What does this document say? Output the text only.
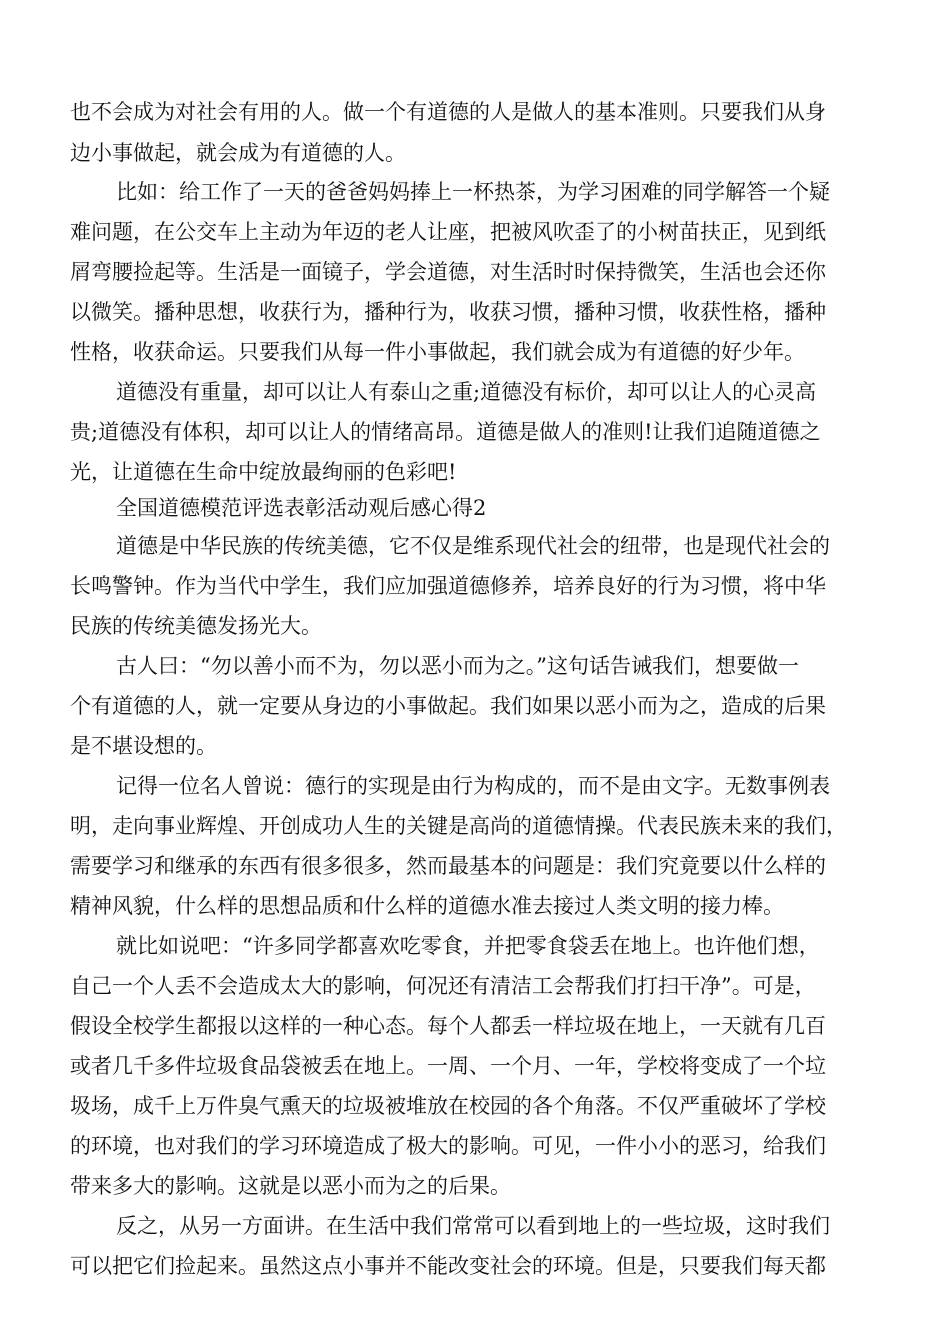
也不会成为对社会有用的人。做一个有道德的人是做人的基本准则。只要我们从身
边小事做起，就会成为有道德的人。
比如：给工作了一天的爸爸妈妈捧上一杯热茶，为学习困难的同学解答一个疑
难问题，在公交车上主动为年迈的老人让座，把被风吹歪了的小树苗扶正，见到纸
屑弯腰捡起等。生活是一面镜子，学会道德，对生活时时保持微笑，生活也会还你
以微笑。播种思想，收获行为，播种行为，收获习惯，播种习惯，收获性格，播种
性格，收获命运。只要我们从每一件小事做起，我们就会成为有道德的好少年。
道德没有重量，却可以让人有泰山之重;道德没有标价，却可以让人的心灵高
贵;道德没有体积，却可以让人的情绪高昂。道德是做人的准则!让我们追随道德之
光，让道德在生命中绽放最绚丽的色彩吧!
全国道德模范评选表彰活动观后感心得2
道德是中华民族的传统美德，它不仅是维系现代社会的纽带，也是现代社会的
长鸣警钟。作为当代中学生，我们应加强道德修养，培养良好的行为习惯，将中华
民族的传统美德发扬光大。
古人曰：“勿以善小而不为，勿以恶小而为之。”这句话告诫我们，想要做一
个有道德的人，就一定要从身边的小事做起。我们如果以恶小而为之，造成的后果
是不堪设想的。
记得一位名人曾说：德行的实现是由行为构成的，而不是由文字。无数事例表
明，走向事业辉煌、开创成功人生的关键是高尚的道德情操。代表民族未来的我们，
需要学习和继承的东西有很多很多，然而最基本的问题是：我们究竟要以什么样的
精神风貌，什么样的思想品质和什么样的道德水准去接过人类文明的接力棒。
就比如说吧：“许多同学都喜欢吃零食，并把零食袋丢在地上。也许他们想，
自己一个人丢不会造成太大的影响，何况还有清洁工会帮我们打扫干净”。可是，
假设全校学生都报以这样的一种心态。每个人都丢一样垃圾在地上，一天就有几百
或者几千多件垃圾食品袋被丢在地上。一周、一个月、一年，学校将变成了一个垃
圾场，成千上万件臭气熏天的垃圾被堆放在校园的各个角落。不仅严重破坏了学校
的环境，也对我们的学习环境造成了极大的影响。可见，一件小小的恶习，给我们
带来多大的影响。这就是以恶小而为之的后果。
反之，从另一方面讲。在生活中我们常常可以看到地上的一些垃圾，这时我们
可以把它们捡起来。虽然这点小事并不能改变社会的环境。但是，只要我们每天都
